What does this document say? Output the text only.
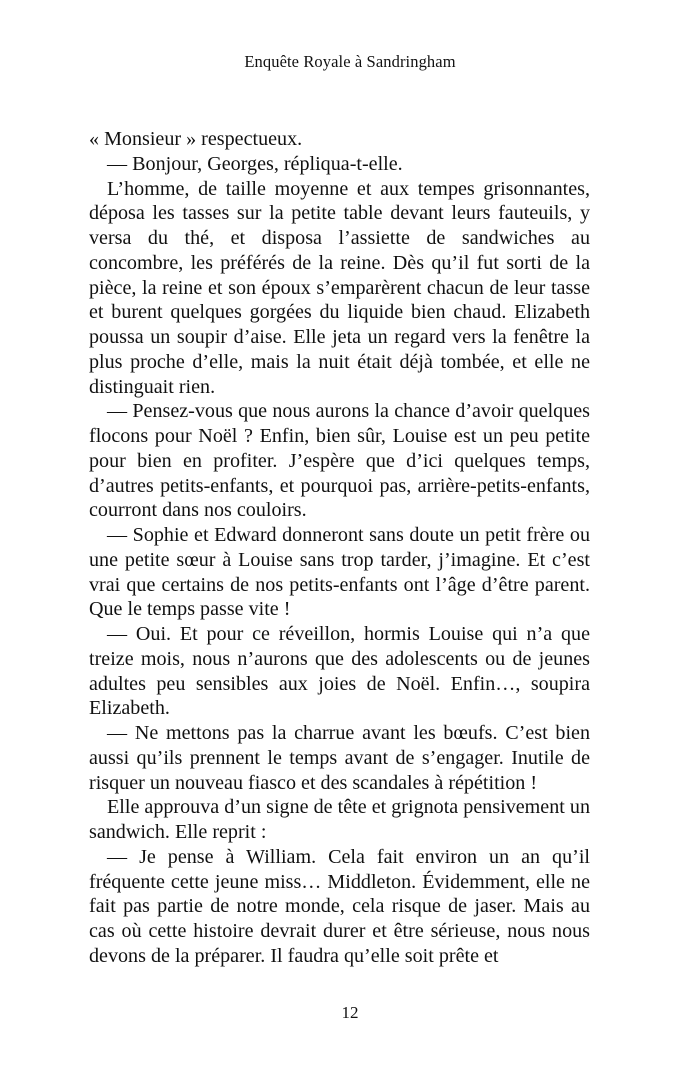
Enquête Royale à Sandringham

« Monsieur » respectueux.

— Bonjour, Georges, répliqua-t-elle.

L’homme, de taille moyenne et aux tempes grisonnantes, déposa les tasses sur la petite table devant leurs fauteuils, y versa du thé, et disposa l’assiette de sandwiches au concombre, les préférés de la reine. Dès qu’il fut sorti de la pièce, la reine et son époux s’emparèrent chacun de leur tasse et burent quelques gorgées du liquide bien chaud. Elizabeth poussa un soupir d’aise. Elle jeta un regard vers la fenêtre la plus proche d’elle, mais la nuit était déjà tombée, et elle ne distinguait rien.

— Pensez-vous que nous aurons la chance d’avoir quelques flocons pour Noël ? Enfin, bien sûr, Louise est un peu petite pour bien en profiter. J’espère que d’ici quelques temps, d’autres petits-enfants, et pourquoi pas, arrière-petits-enfants, courront dans nos couloirs.

— Sophie et Edward donneront sans doute un petit frère ou une petite sœur à Louise sans trop tarder, j’imagine. Et c’est vrai que certains de nos petits-enfants ont l’âge d’être parent. Que le temps passe vite !

— Oui. Et pour ce réveillon, hormis Louise qui n’a que treize mois, nous n’aurons que des adolescents ou de jeunes adultes peu sensibles aux joies de Noël. Enfin…, soupira Elizabeth.

— Ne mettons pas la charrue avant les bœufs. C’est bien aussi qu’ils prennent le temps avant de s’engager. Inutile de risquer un nouveau fiasco et des scandales à répétition !

Elle approuva d’un signe de tête et grignota pensivement un sandwich. Elle reprit :

— Je pense à William. Cela fait environ un an qu’il fréquente cette jeune miss… Middleton. Évidemment, elle ne fait pas partie de notre monde, cela risque de jaser. Mais au cas où cette histoire devrait durer et être sérieuse, nous nous devons de la préparer. Il faudra qu’elle soit prête et

12
